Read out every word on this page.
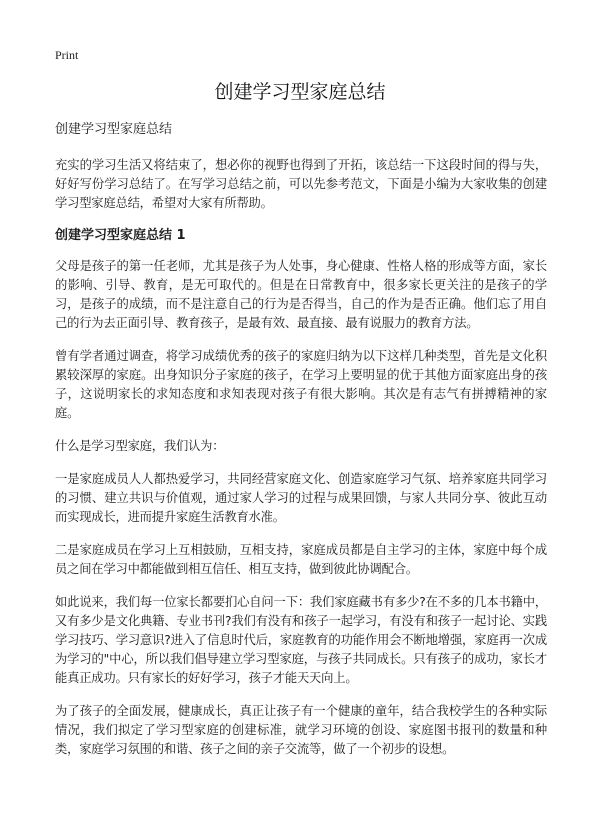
Print
创建学习型家庭总结
创建学习型家庭总结

充实的学习生活又将结束了，想必你的视野也得到了开拓，该总结一下这段时间的得与失，好好写份学习总结了。在写学习总结之前，可以先参考范文，下面是小编为大家收集的创建学习型家庭总结，希望对大家有所帮助。

创建学习型家庭总结 1

父母是孩子的第一任老师，尤其是孩子为人处事，身心健康、性格人格的形成等方面，家长的影响、引导、教育，是无可取代的。但是在日常教育中，很多家长更关注的是孩子的学习，是孩子的成绩，而不是注意自己的行为是否得当，自己的作为是否正确。他们忘了用自己的行为去正面引导、教育孩子，是最有效、最直接、最有说服力的教育方法。

曾有学者通过调查，将学习成绩优秀的孩子的家庭归纳为以下这样几种类型，首先是文化积累较深厚的家庭。出身知识分子家庭的孩子，在学习上要明显的优于其他方面家庭出身的孩子，这说明家长的求知态度和求知表现对孩子有很大影响。其次是有志气有拼搏精神的家庭。

什么是学习型家庭，我们认为：

一是家庭成员人人都热爱学习，共同经营家庭文化、创造家庭学习气氛、培养家庭共同学习的习惯、建立共识与价值观，通过家人学习的过程与成果回馈，与家人共同分享、彼此互动而实现成长，进而提升家庭生活教育水准。

二是家庭成员在学习上互相鼓励，互相支持，家庭成员都是自主学习的主体，家庭中每个成员之间在学习中都能做到相互信任、相互支持，做到彼此协调配合。

如此说来，我们每一位家长都要扪心自问一下：我们家庭藏书有多少?在不多的几本书籍中，又有多少是文化典籍、专业书刊?我们有没有和孩子一起学习，有没有和孩子一起讨论、实践学习技巧、学习意识?进入了信息时代后，家庭教育的功能作用会不断地增强，家庭再一次成为学习的"中心，所以我们倡导建立学习型家庭，与孩子共同成长。只有孩子的成功，家长才能真正成功。只有家长的好好学习，孩子才能天天向上。

为了孩子的全面发展，健康成长，真正让孩子有一个健康的童年，结合我校学生的各种实际情况，我们拟定了学习型家庭的创建标准，就学习环境的创设、家庭图书报刊的数量和种类，家庭学习氛围的和谐、孩子之间的亲子交流等，做了一个初步的设想。
